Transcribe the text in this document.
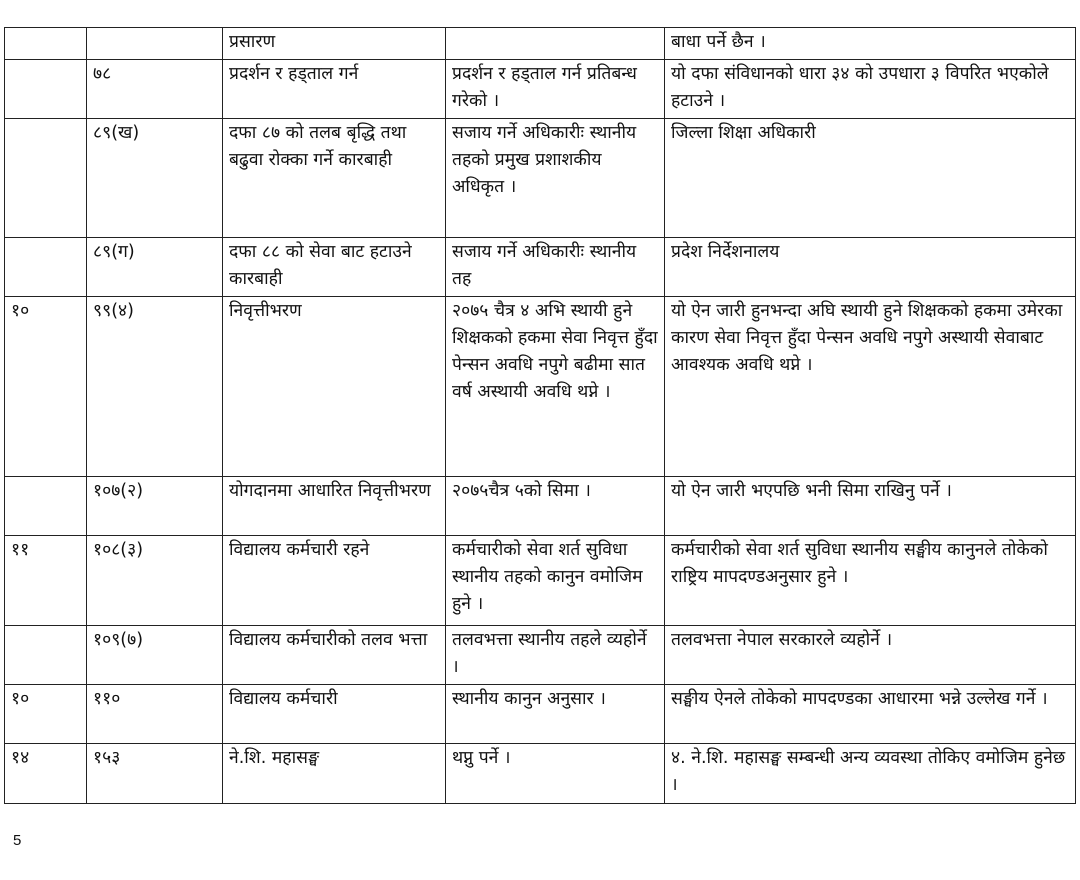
		प्रसारण		बाधा पर्ने छैन ।
	७८	प्रदर्शन र हड्ताल गर्न	प्रदर्शन र हड्ताल गर्न प्रतिबन्ध गरेको ।	यो दफा संविधानको धारा ३४ को उपधारा ३ विपरित भएकोले हटाउने ।
	८९(ख)	दफा ८७ को तलब बृद्धि तथा बढुवा रोक्का गर्ने कारबाही	सजाय गर्ने अधिकारीः स्थानीय तहको प्रमुख प्रशाशकीय अधिकृत ।	जिल्ला शिक्षा अधिकारी
	८९(ग)	दफा ८८ को सेवा बाट हटाउने कारबाही	सजाय गर्ने अधिकारीः स्थानीय तह	प्रदेश निर्देशनालय
१०	९९(४)	निवृत्तीभरण	२०७५ चैत्र ४ अभि स्थायी हुने शिक्षकको हकमा सेवा निवृत्त हुँदा पेन्सन अवधि नपुगे बढीमा सात वर्ष अस्थायी अवधि थप्ने ।	यो ऐन जारी हुनभन्दा अघि स्थायी हुने शिक्षकको हकमा उमेरका कारण सेवा निवृत्त हुँदा पेन्सन अवधि नपुगे अस्थायी सेवाबाट आवश्यक अवधि थप्ने ।
	१०७(२)	योगदानमा आधारित निवृत्तीभरण	२०७५चैत्र ५को सिमा ।	यो ऐन जारी भएपछि भनी सिमा राखिनु पर्ने ।
११	१०८(३)	विद्यालय कर्मचारी रहने	कर्मचारीको सेवा शर्त सुविधा स्थानीय तहको कानुन वमोजिम हुने ।	कर्मचारीको सेवा शर्त सुविधा स्थानीय सङ्घीय कानुनले तोकेको राष्ट्रिय मापदण्डअनुसार हुने ।
	१०९(७)	विद्यालय कर्मचारीको तलव भत्ता	तलवभत्ता स्थानीय तहले व्यहोर्ने ।	तलवभत्ता नेपाल सरकारले व्यहोर्ने ।
१०	११०	विद्यालय कर्मचारी	स्थानीय कानुन अनुसार ।	सङ्घीय ऐनले तोकेको मापदण्डका आधारमा भन्ने उल्लेख गर्ने ।
१४	१५३	ने.शि. महासङ्घ	थप्नु पर्ने ।	४. ने.शि. महासङ्घ सम्बन्धी अन्य व्यवस्था तोकिए वमोजिम हुनेछ ।
5
